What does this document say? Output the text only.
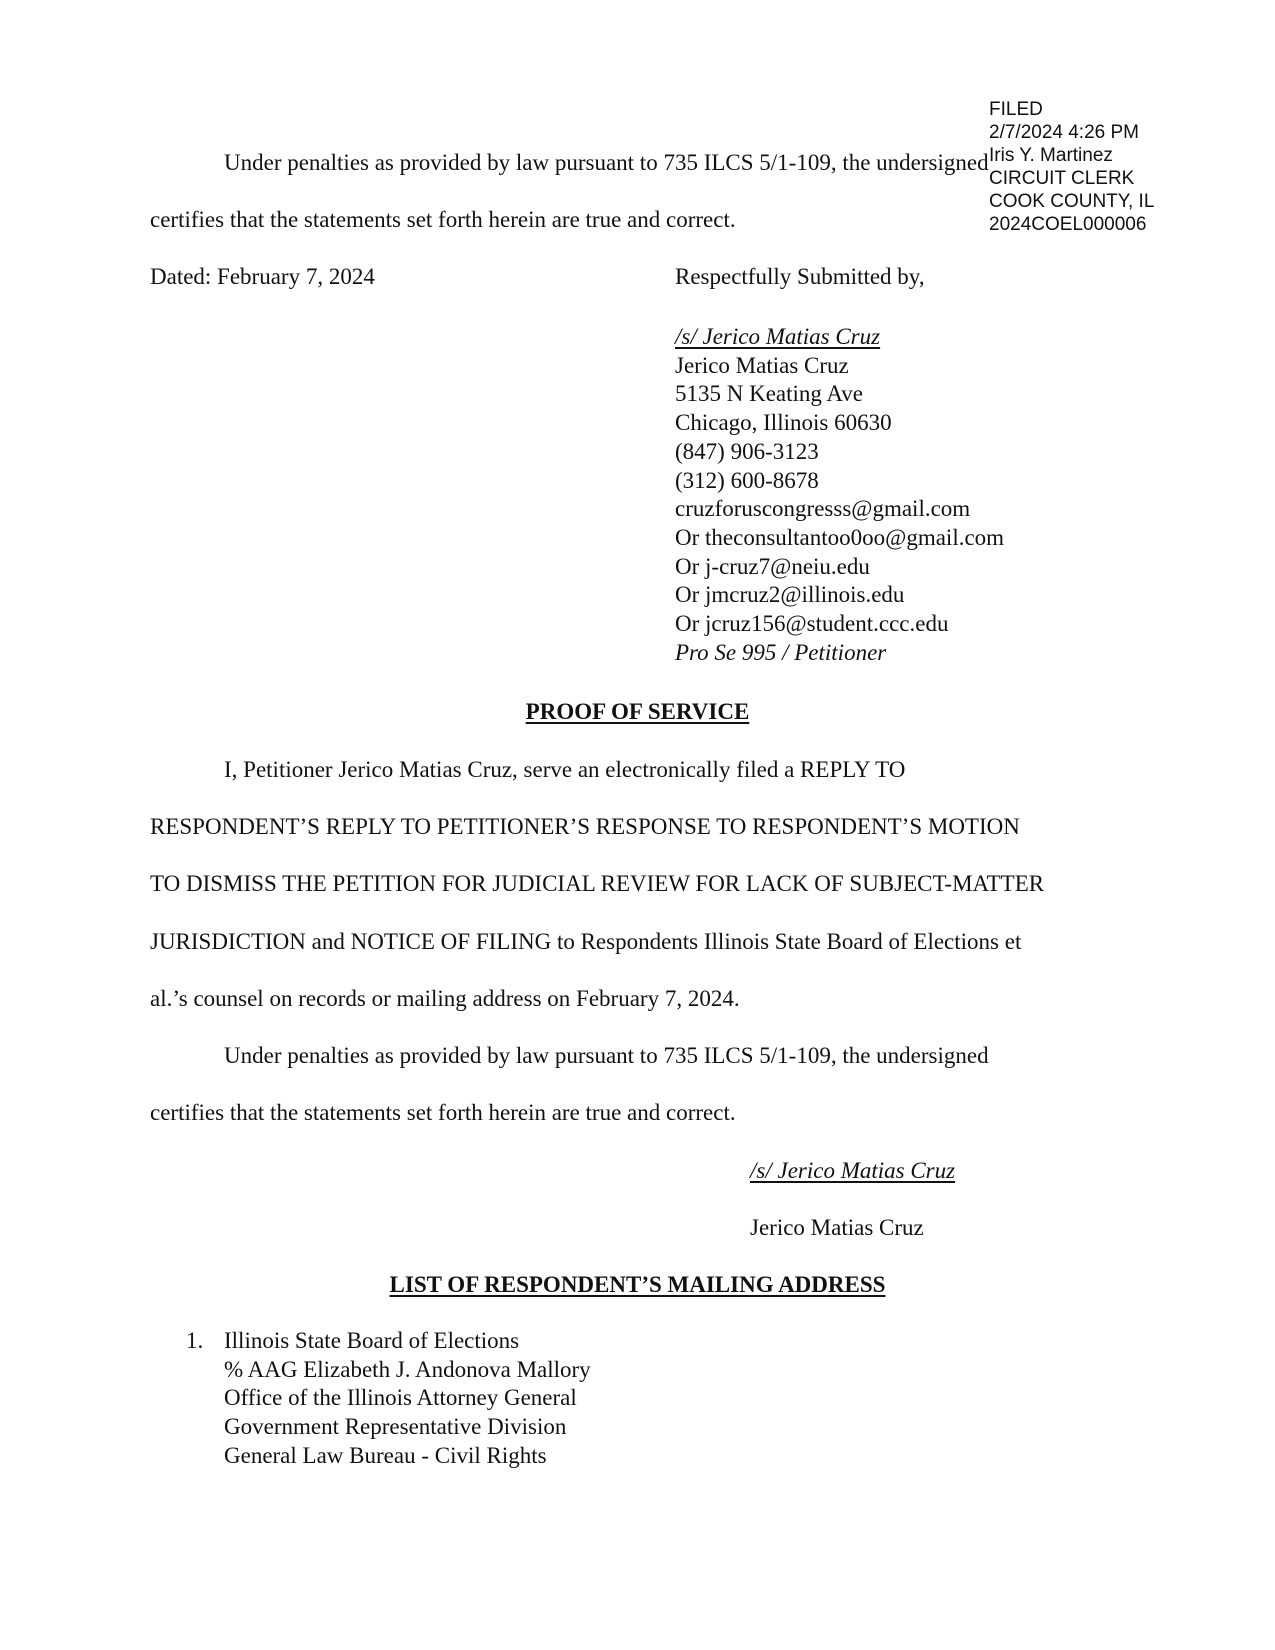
FILED
2/7/2024 4:26 PM
Iris Y. Martinez
CIRCUIT CLERK
COOK COUNTY, IL
2024COEL000006
Under penalties as provided by law pursuant to 735 ILCS 5/1-109, the undersigned
certifies that the statements set forth herein are true and correct.
Dated: February 7, 2024	Respectfully Submitted by,
/s/ Jerico Matias Cruz
Jerico Matias Cruz
5135 N Keating Ave
Chicago, Illinois 60630
(847) 906-3123
(312) 600-8678
cruzforuscongresss@gmail.com
Or theconsultantoo0oo@gmail.com
Or j-cruz7@neiu.edu
Or jmcruz2@illinois.edu
Or jcruz156@student.ccc.edu
Pro Se 995 / Petitioner
PROOF OF SERVICE
I, Petitioner Jerico Matias Cruz, serve an electronically filed a REPLY TO
RESPONDENT’S REPLY TO PETITIONER’S RESPONSE TO RESPONDENT’S MOTION
TO DISMISS THE PETITION FOR JUDICIAL REVIEW FOR LACK OF SUBJECT-MATTER
JURISDICTION and NOTICE OF FILING to Respondents Illinois State Board of Elections et
al.’s counsel on records or mailing address on February 7, 2024.
Under penalties as provided by law pursuant to 735 ILCS 5/1-109, the undersigned
certifies that the statements set forth herein are true and correct.
/s/ Jerico Matias Cruz
Jerico Matias Cruz
LIST OF RESPONDENT’S MAILING ADDRESS
1. Illinois State Board of Elections
% AAG Elizabeth J. Andonova Mallory
Office of the Illinois Attorney General
Government Representative Division
General Law Bureau - Civil Rights
